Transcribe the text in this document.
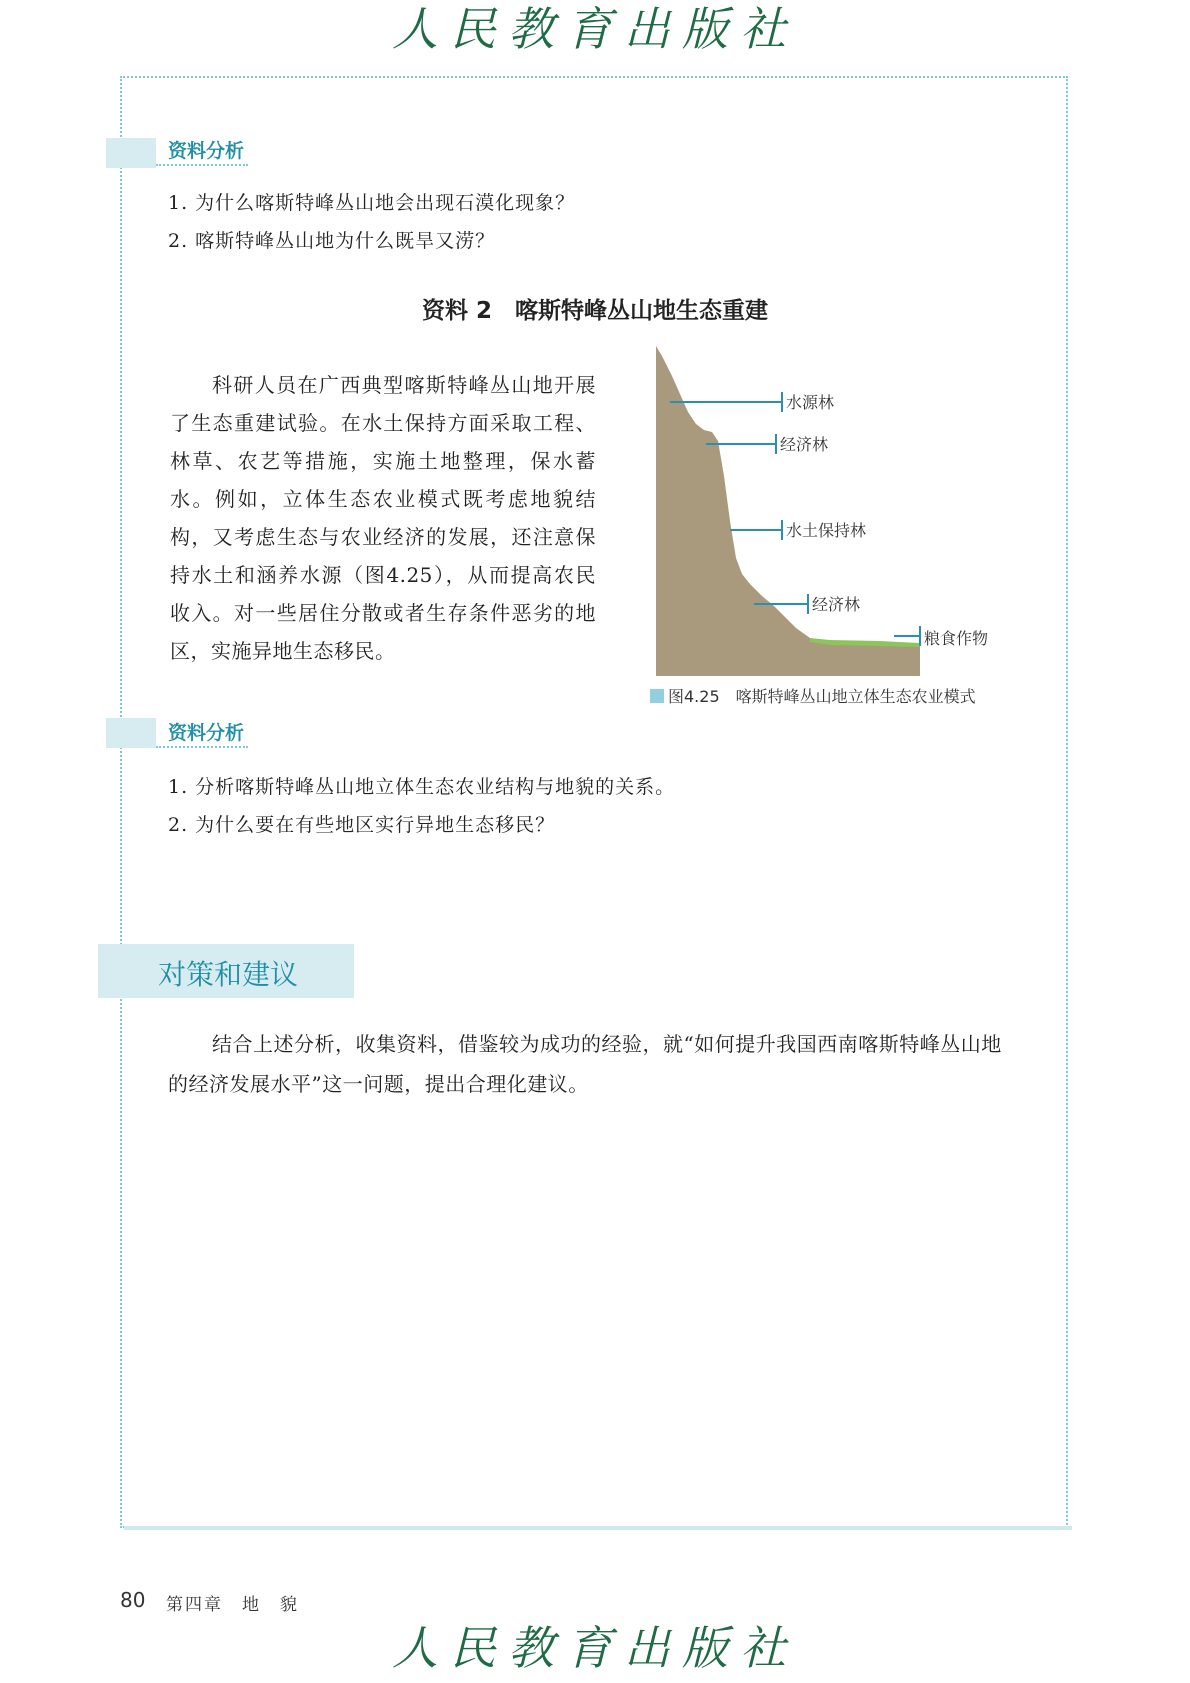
人民教育出版社
资料分析
1. 为什么喀斯特峰丛山地会出现石漠化现象？
2. 喀斯特峰丛山地为什么既旱又涝？
资料 2　喀斯特峰丛山地生态重建
科研人员在广西典型喀斯特峰丛山地开展了生态重建试验。在水土保持方面采取工程、林草、农艺等措施，实施土地整理，保水蓄水。例如，立体生态农业模式既考虑地貌结构，又考虑生态与农业经济的发展，还注意保持水土和涵养水源（图4.25），从而提高农民收入。对一些居住分散或者生存条件恶劣的地区，实施异地生态移民。
水源林
经济林
水土保持林
经济林
粮食作物
图4.25　喀斯特峰丛山地立体生态农业模式
资料分析
1. 分析喀斯特峰丛山地立体生态农业结构与地貌的关系。
2. 为什么要在有些地区实行异地生态移民？
对策和建议
结合上述分析，收集资料，借鉴较为成功的经验，就“如何提升我国西南喀斯特峰丛山地的经济发展水平”这一问题，提出合理化建议。
80 第四章　地　貌
人民教育出版社
